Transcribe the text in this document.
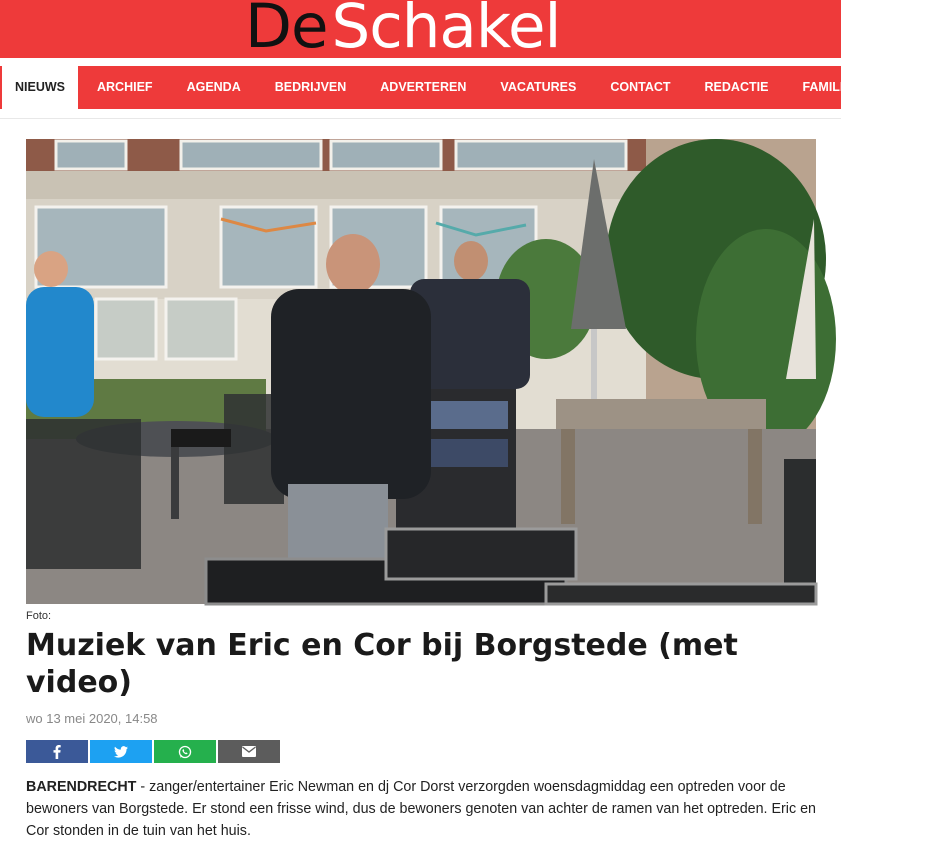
DeSchakel
NIEUWS	ARCHIEF	AGENDA	BEDRIJVEN	ADVERTEREN	VACATURES	CONTACT	REDACTIE	FAMILIEBERICHTEN
Foto:
Muziek van Eric en Cor bij Borgstede (met video)
wo 13 mei 2020, 14:58

BARENDRECHT - zanger/entertainer Eric Newman en dj Cor Dorst verzorgden woensdagmiddag een optreden voor de bewoners van Borgstede. Er stond een frisse wind, dus de bewoners genoten van achter de ramen van het optreden. Eric en Cor stonden in de tuin van het huis.
